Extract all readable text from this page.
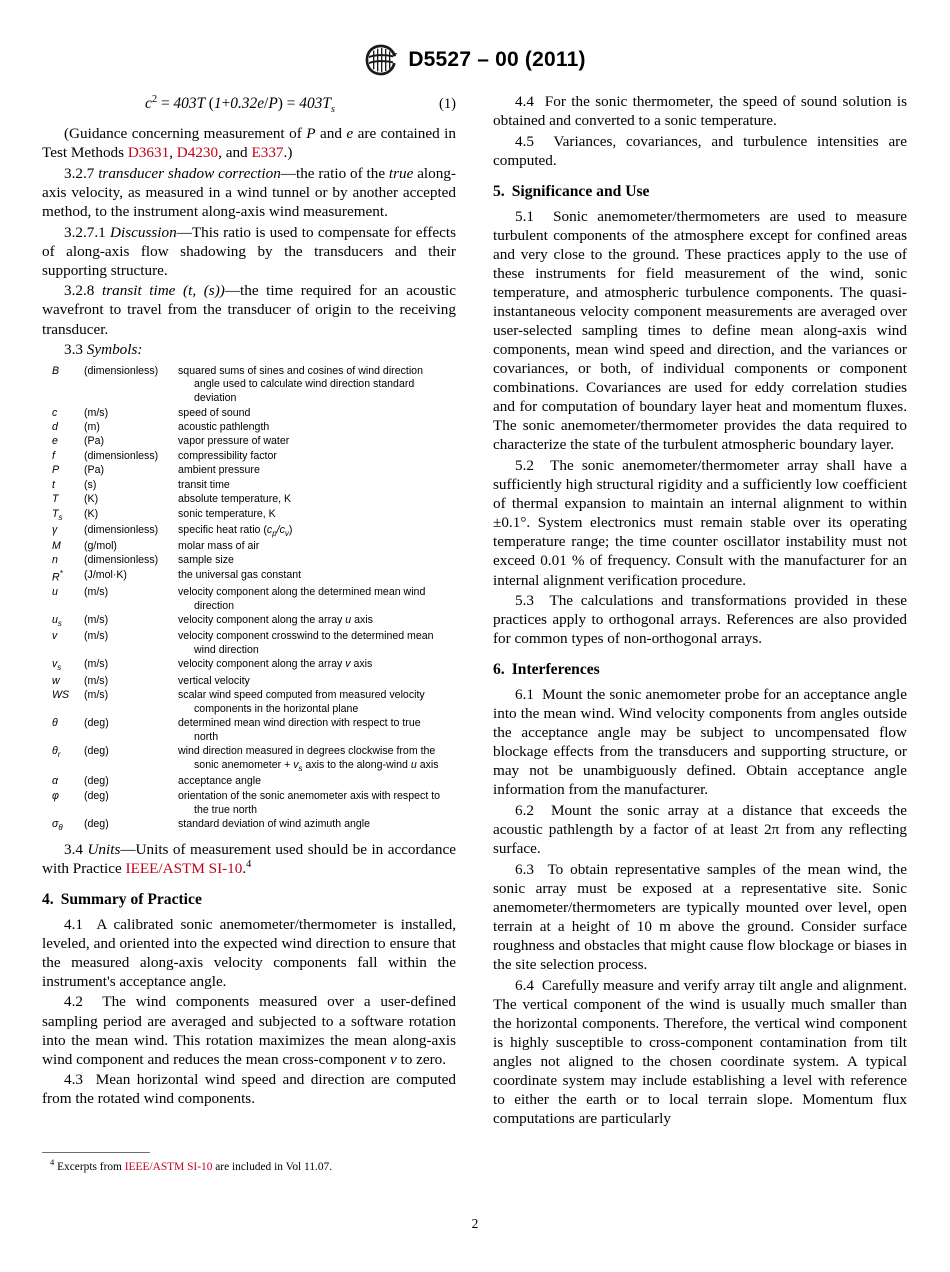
D5527 – 00 (2011)
$c^2 = 403T$ $(1+0.32e/P) = 403T_s$	(1)

(Guidance concerning measurement of P and e are contained in Test Methods D3631, D4230, and E337.)

3.2.7 transducer shadow correction—the ratio of the true along-axis velocity, as measured in a wind tunnel or by another accepted method, to the instrument along-axis wind measurement.

3.2.7.1 Discussion—This ratio is used to compensate for effects of along-axis flow shadowing by the transducers and their supporting structure.

3.2.8 transit time (t, (s))—the time required for an acoustic wavefront to travel from the transducer of origin to the receiving transducer.

3.3 Symbols:

B	(dimensionless)	squared sums of sines and cosines of wind direction
angle used to calculate wind direction standard
deviation

c	(m/s)	speed of sound
d	(m)	acoustic pathlength
e	(Pa)	vapor pressure of water
f	(dimensionless)	compressibility factor
P	(Pa)	ambient pressure
t	(s)	transit time
T	(K)	absolute temperature, K
$T_s$	(K)	sonic temperature, K
γ	(dimensionless)	specific heat ratio $(c_p/c_v)$
M	(g/mol)	molar mass of air
n	(dimensionless)	sample size
R*	(J/mol·K)	the universal gas constant
u	(m/s)	velocity component along the determined mean wind
direction

$u_s$	(m/s)	velocity component along the array u axis
v	(m/s)	velocity component crosswind to the determined mean
wind direction

$v_s$	(m/s)	velocity component along the array v axis
w	(m/s)	vertical velocity
WS	(m/s)	scalar wind speed computed from measured velocity
components in the horizontal plane

θ	(deg)	determined mean wind direction with respect to true
north

$\theta_r$	(deg)	wind direction measured in degrees clockwise from the
sonic anemometer + $v_s$ axis to the along-wind u axis

α	(deg)	acceptance angle
φ	(deg)	orientation of the sonic anemometer axis with respect to
the true north

$\sigma_\theta$	(deg)	standard deviation of wind azimuth angle

3.4 Units—Units of measurement used should be in accordance with Practice IEEE/ASTM SI-10.$^4$

4. Summary of Practice

4.1 A calibrated sonic anemometer/thermometer is installed, leveled, and oriented into the expected wind direction to ensure that the measured along-axis velocity components fall within the instrument's acceptance angle.

4.2  The wind components measured over a user-defined sampling period are averaged and subjected to a software rotation into the mean wind. This rotation maximizes the mean along-axis wind component and reduces the mean cross-component v to zero.

4.3 Mean horizontal wind speed and direction are computed from the rotated wind components.

4.4 For the sonic thermometer, the speed of sound solution is obtained and converted to a sonic temperature.

4.5 Variances, covariances, and turbulence intensities are computed.

5. Significance and Use

5.1 Sonic anemometer/thermometers are used to measure turbulent components of the atmosphere except for confined areas and very close to the ground. These practices apply to the use of these instruments for field measurement of the wind, sonic temperature, and atmospheric turbulence components. The quasi-instantaneous velocity component measurements are averaged over user-selected sampling times to define mean along-axis wind components, mean wind speed and direction, and the variances or covariances, or both, of individual components or component combinations. Covariances are used for eddy correlation studies and for computation of boundary layer heat and momentum fluxes. The sonic anemometer/thermometer provides the data required to characterize the state of the turbulent atmospheric boundary layer.

5.2 The sonic anemometer/thermometer array shall have a sufficiently high structural rigidity and a sufficiently low coefficient of thermal expansion to maintain an internal alignment to within ±0.1°. System electronics must remain stable over its operating temperature range; the time counter oscillator instability must not exceed 0.01 % of frequency. Consult with the manufacturer for an internal alignment verification procedure.

5.3 The calculations and transformations provided in these practices apply to orthogonal arrays. References are also provided for common types of non-orthogonal arrays.

6. Interferences

6.1 Mount the sonic anemometer probe for an acceptance angle into the mean wind. Wind velocity components from angles outside the acceptance angle may be subject to uncompensated flow blockage effects from the transducers and supporting structure, or may not be unambiguously defined. Obtain acceptance angle information from the manufacturer.

6.2 Mount the sonic array at a distance that exceeds the acoustic pathlength by a factor of at least 2π from any reflecting surface.

6.3 To obtain representative samples of the mean wind, the sonic array must be exposed at a representative site. Sonic anemometer/thermometers are typically mounted over level, open terrain at a height of 10 m above the ground. Consider surface roughness and obstacles that might cause flow blockage or biases in the site selection process.

6.4 Carefully measure and verify array tilt angle and alignment. The vertical component of the wind is usually much smaller than the horizontal components. Therefore, the vertical wind component is highly susceptible to cross-component contamination from tilt angles not aligned to the chosen coordinate system. A typical coordinate system may include establishing a level with reference to either the earth or to local terrain slope. Momentum flux computations are particularly

$^4$ Excerpts from IEEE/ASTM SI-10 are included in Vol 11.07.

2
